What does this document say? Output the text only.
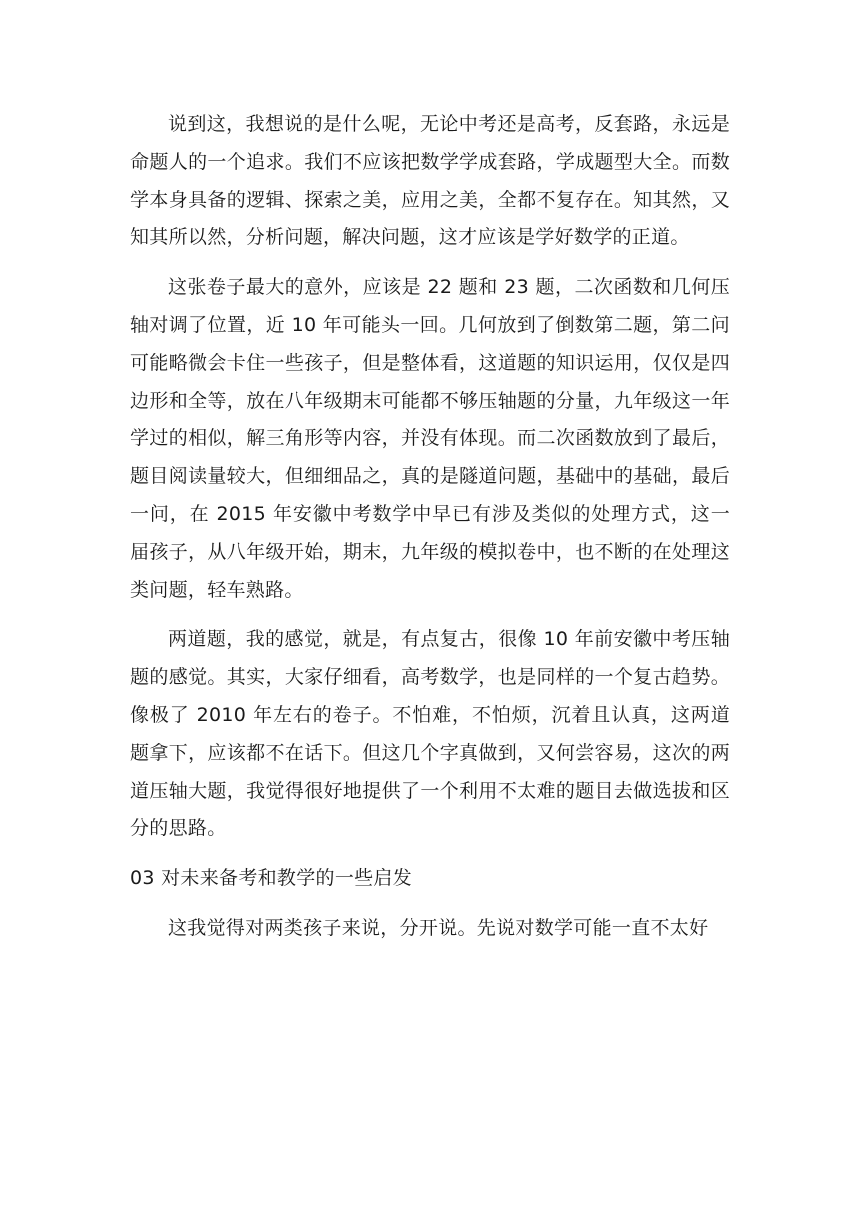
说到这，我想说的是什么呢，无论中考还是高考，反套路，永远是命题人的一个追求。我们不应该把数学学成套路，学成题型大全。而数学本身具备的逻辑、探索之美，应用之美，全都不复存在。知其然，又知其所以然，分析问题，解决问题，这才应该是学好数学的正道。

这张卷子最大的意外，应该是 22 题和 23 题，二次函数和几何压轴对调了位置，近 10 年可能头一回。几何放到了倒数第二题，第二问可能略微会卡住一些孩子，但是整体看，这道题的知识运用，仅仅是四边形和全等，放在八年级期末可能都不够压轴题的分量，九年级这一年学过的相似，解三角形等内容，并没有体现。而二次函数放到了最后，题目阅读量较大，但细细品之，真的是隧道问题，基础中的基础，最后一问，在 2015 年安徽中考数学中早已有涉及类似的处理方式，这一届孩子，从八年级开始，期末，九年级的模拟卷中，也不断的在处理这类问题，轻车熟路。

两道题，我的感觉，就是，有点复古，很像 10 年前安徽中考压轴题的感觉。其实，大家仔细看，高考数学，也是同样的一个复古趋势。像极了 2010 年左右的卷子。不怕难，不怕烦，沉着且认真，这两道题拿下，应该都不在话下。但这几个字真做到，又何尝容易，这次的两道压轴大题，我觉得很好地提供了一个利用不太难的题目去做选拔和区分的思路。

03 对未来备考和教学的一些启发

这我觉得对两类孩子来说，分开说。先说对数学可能一直不太好
